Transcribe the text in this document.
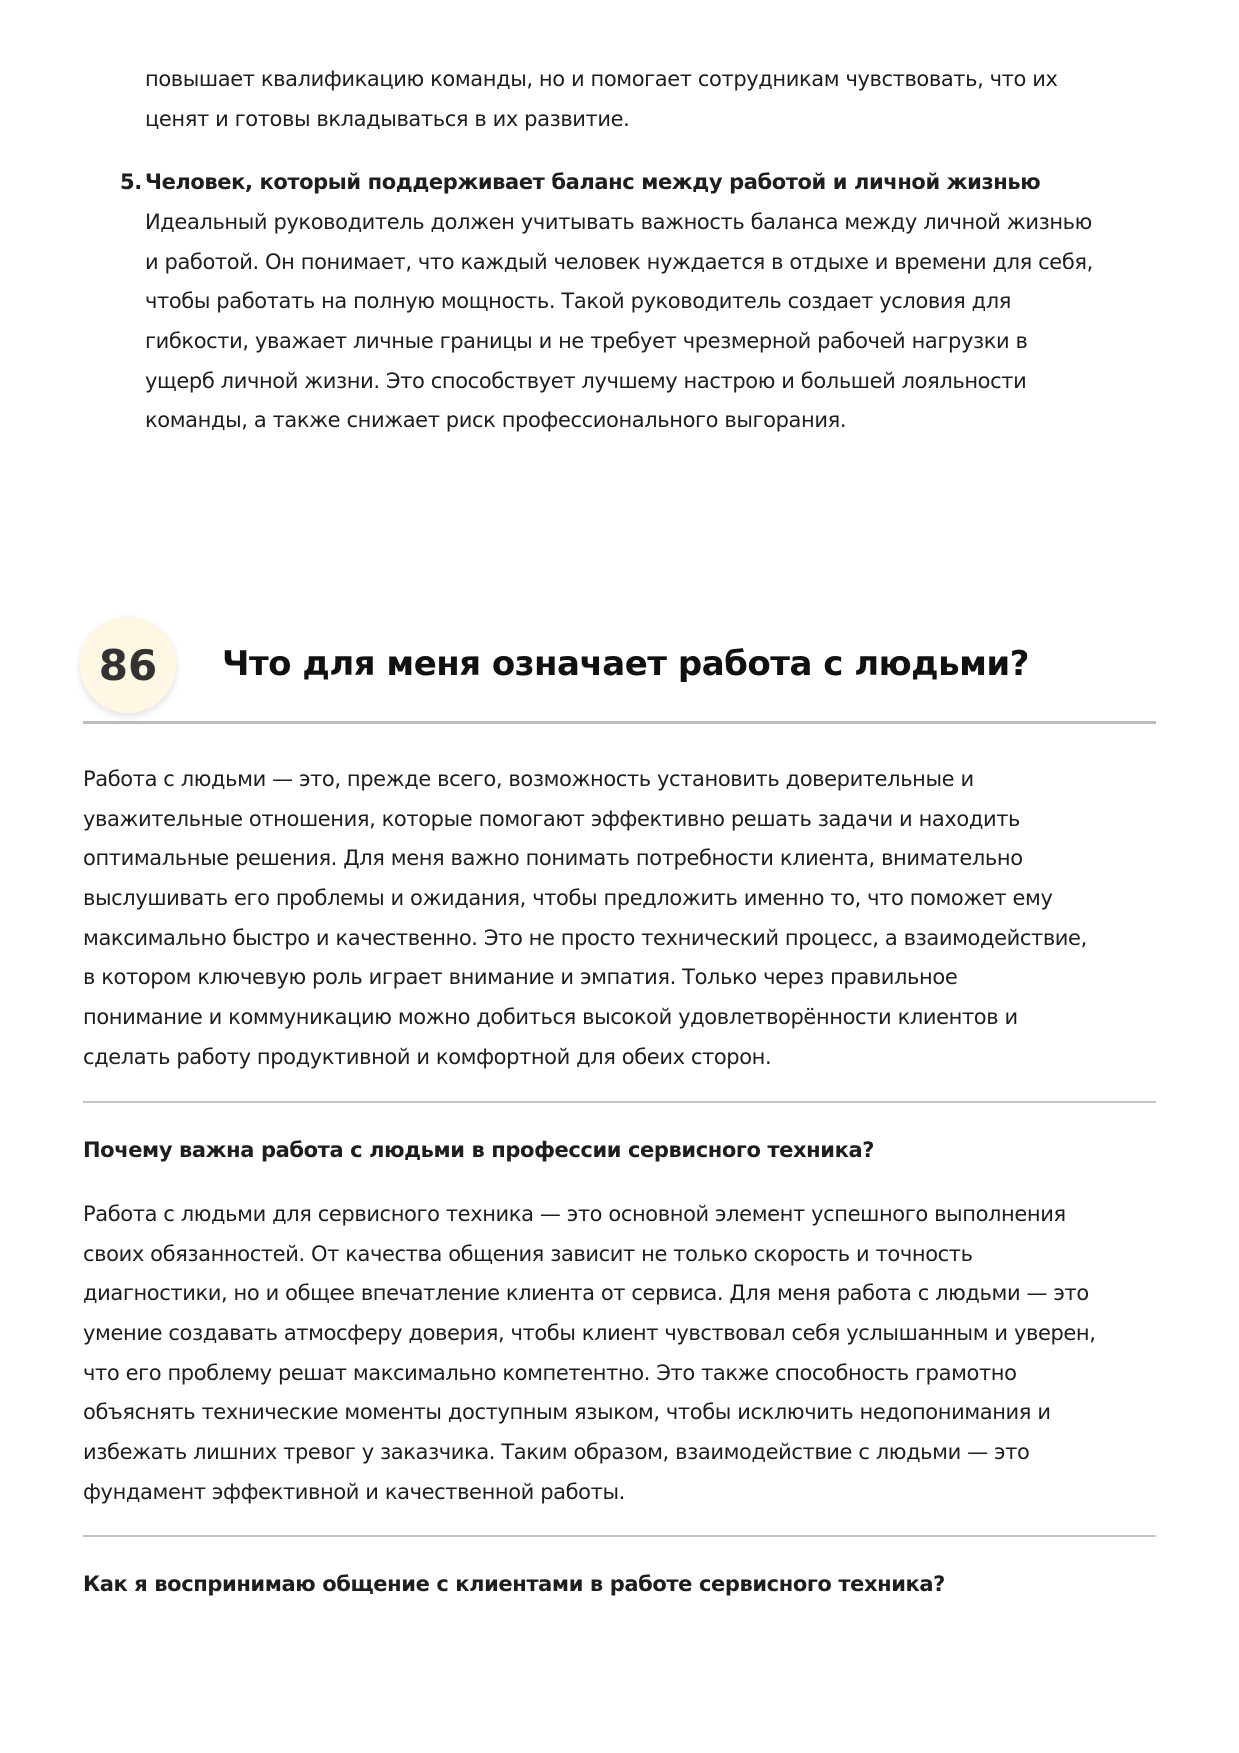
повышает квалификацию команды, но и помогает сотрудникам чувствовать, что их
ценят и готовы вкладываться в их развитие.
5. Человек, который поддерживает баланс между работой и личной жизнью
Идеальный руководитель должен учитывать важность баланса между личной жизнью
и работой. Он понимает, что каждый человек нуждается в отдыхе и времени для себя,
чтобы работать на полную мощность. Такой руководитель создает условия для
гибкости, уважает личные границы и не требует чрезмерной рабочей нагрузки в
ущерб личной жизни. Это способствует лучшему настрою и большей лояльности
команды, а также снижает риск профессионального выгорания.
86	Что для меня означает работа с людьми?
Работа с людьми — это, прежде всего, возможность установить доверительные и
уважительные отношения, которые помогают эффективно решать задачи и находить
оптимальные решения. Для меня важно понимать потребности клиента, внимательно
выслушивать его проблемы и ожидания, чтобы предложить именно то, что поможет ему
максимально быстро и качественно. Это не просто технический процесс, а взаимодействие,
в котором ключевую роль играет внимание и эмпатия. Только через правильное
понимание и коммуникацию можно добиться высокой удовлетворённости клиентов и
сделать работу продуктивной и комфортной для обеих сторон.
Почему важна работа с людьми в профессии сервисного техника?
Работа с людьми для сервисного техника — это основной элемент успешного выполнения
своих обязанностей. От качества общения зависит не только скорость и точность
диагностики, но и общее впечатление клиента от сервиса. Для меня работа с людьми — это
умение создавать атмосферу доверия, чтобы клиент чувствовал себя услышанным и уверен,
что его проблему решат максимально компетентно. Это также способность грамотно
объяснять технические моменты доступным языком, чтобы исключить недопонимания и
избежать лишних тревог у заказчика. Таким образом, взаимодействие с людьми — это
фундамент эффективной и качественной работы.
Как я воспринимаю общение с клиентами в работе сервисного техника?
